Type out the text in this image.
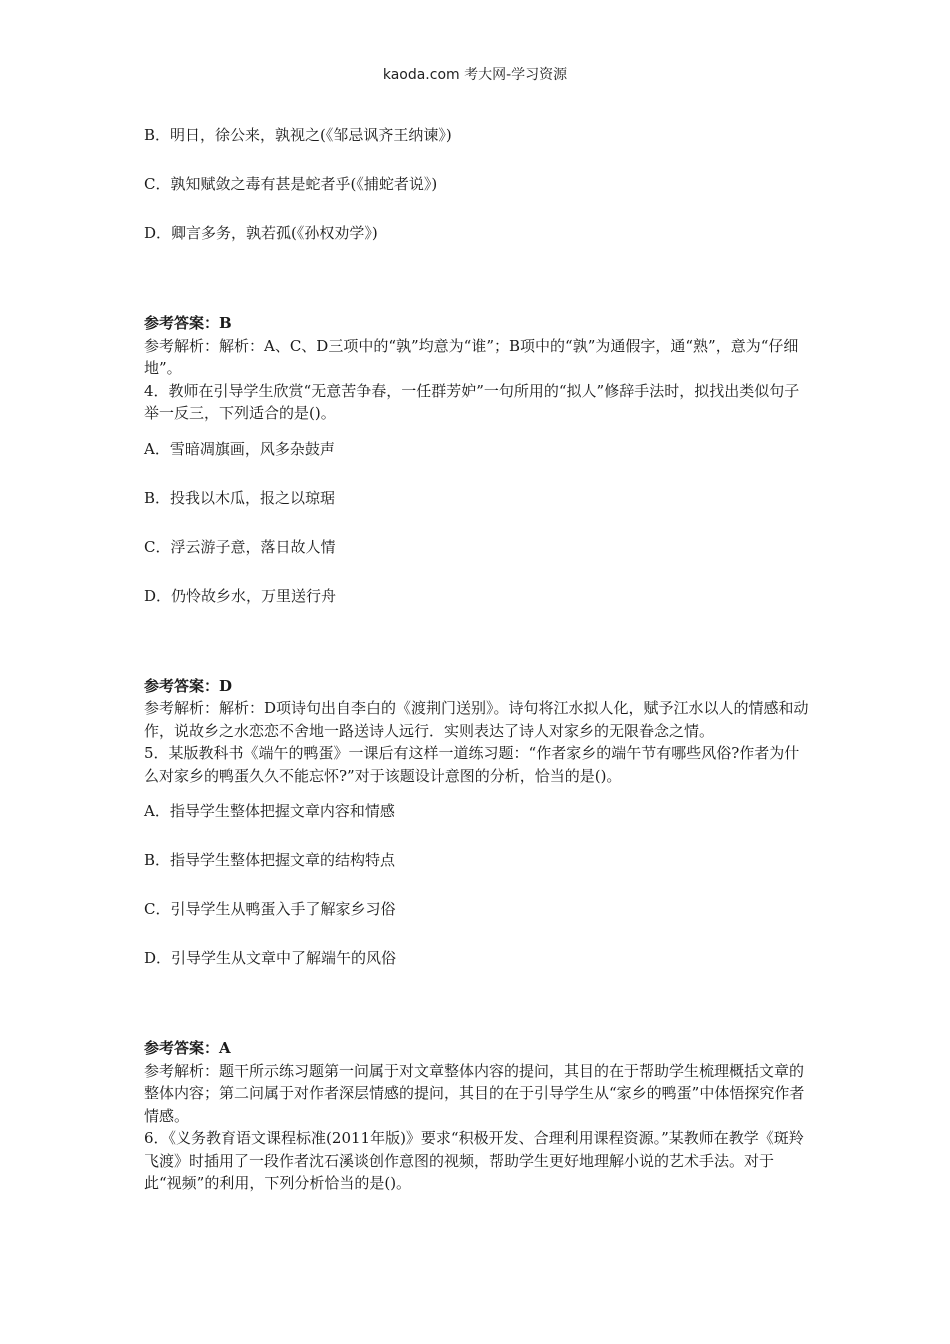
kaoda.com 考大网-学习资源
B．明日，徐公来，孰视之(《邹忌讽齐王纳谏》)
C．孰知赋敛之毒有甚是蛇者乎(《捕蛇者说》)
D．卿言多务，孰若孤(《孙权劝学》)
参考答案：B

参考解析：解析：A、C、D三项中的“孰”均意为“谁”；B项中的“孰”为通假字，通“熟”，意为“仔细地”。

4．教师在引导学生欣赏“无意苦争春，一任群芳妒”一句所用的“拟人”修辞手法时，拟找出类似句子举一反三，下列适合的是()。

A．雪暗凋旗画，风多杂鼓声
B．投我以木瓜，报之以琼琚
C．浮云游子意，落日故人情
D．仍怜故乡水，万里送行舟
参考答案：D

参考解析：解析：D项诗句出自李白的《渡荆门送别》。诗句将江水拟人化，赋予江水以人的情感和动作，说故乡之水恋恋不舍地一路送诗人远行．实则表达了诗人对家乡的无限眷念之情。

5．某版教科书《端午的鸭蛋》一课后有这样一道练习题：“作者家乡的端午节有哪些风俗?作者为什么对家乡的鸭蛋久久不能忘怀?”对于该题设计意图的分析，恰当的是()。

A．指导学生整体把握文章内容和情感
B．指导学生整体把握文章的结构特点
C．引导学生从鸭蛋入手了解家乡习俗
D．引导学生从文章中了解端午的风俗
参考答案：A

参考解析：题干所示练习题第一问属于对文章整体内容的提问，其目的在于帮助学生梳理概括文章的整体内容；第二问属于对作者深层情感的提问，其目的在于引导学生从“家乡的鸭蛋”中体悟探究作者情感。

6．《义务教育语文课程标准(2011年版)》要求“积极开发、合理利用课程资源。”某教师在教学《斑羚飞渡》时插用了一段作者沈石溪谈创作意图的视频，帮助学生更好地理解小说的艺术手法。对于此“视频”的利用，下列分析恰当的是()。
